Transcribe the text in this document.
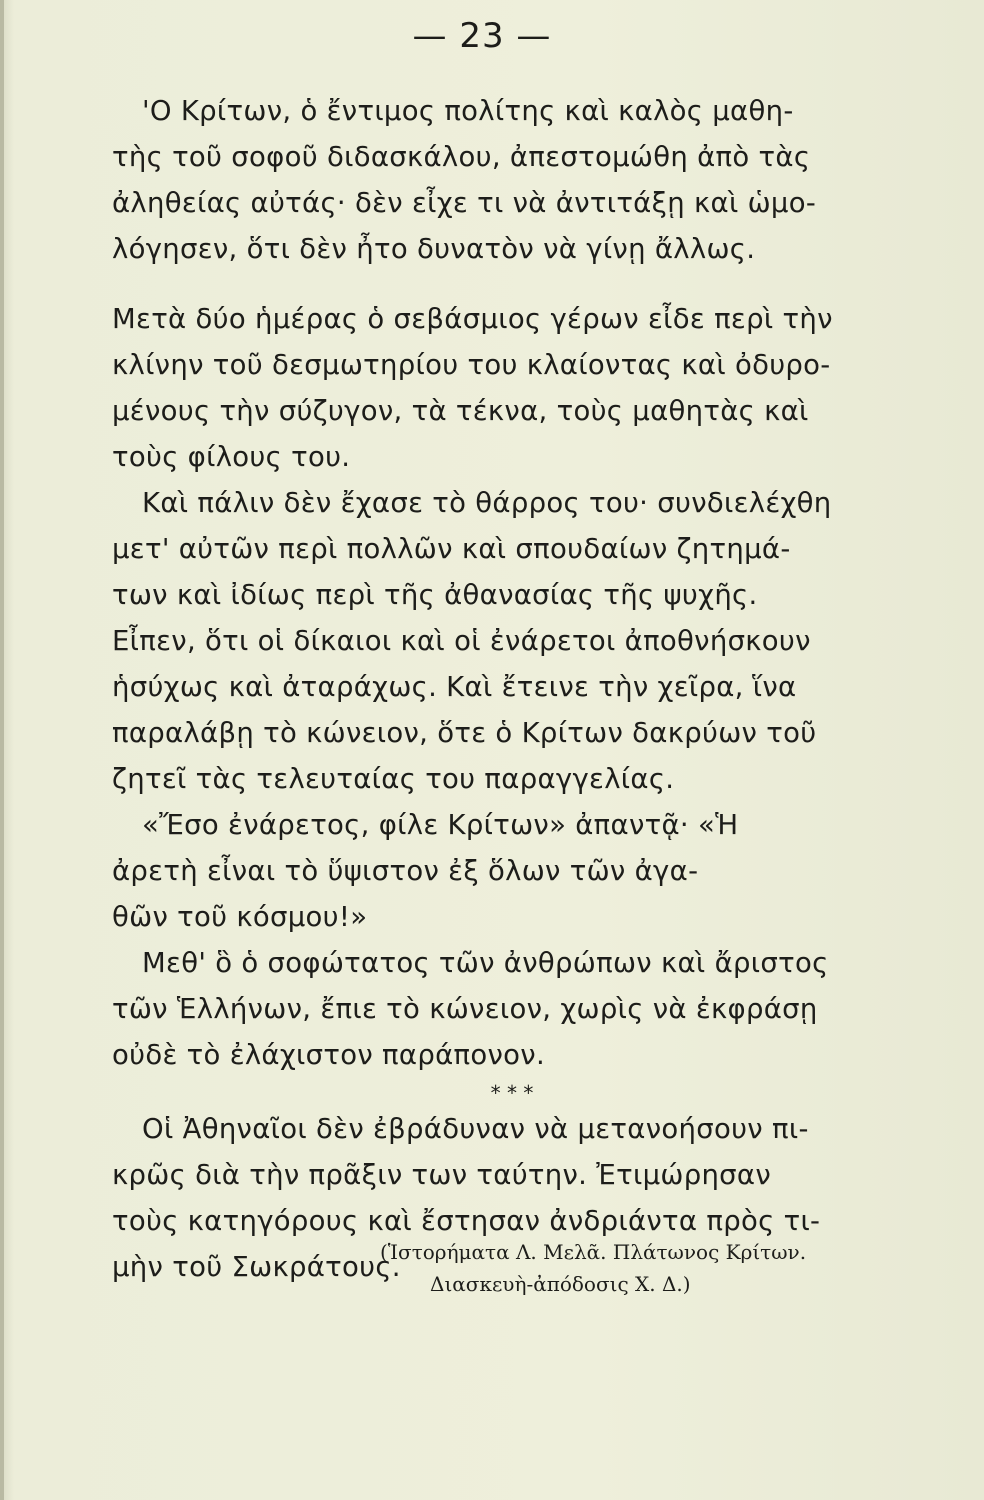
— 23 —

'Ο Κρίτων, ὁ ἔντιμος πολίτης καὶ καλὸς μαθη-

τὴς τοῦ σοφοῦ διδασκάλου, ἀπεστομώθη ἀπὸ τὰς

ἀληθείας αὐτάς· δὲν εἶχε τι νὰ ἀντιτάξῃ καὶ ὡμο-

λόγησεν, ὅτι δὲν ἦτο δυνατὸν νὰ γίνῃ ἄλλως.

Μετὰ δύο ἡμέρας ὁ σεβάσμιος γέρων εἶδε περὶ τὴν

κλίνην τοῦ δεσμωτηρίου του κλαίοντας καὶ ὀδυρο-

μένους τὴν σύζυγον, τὰ τέκνα, τοὺς μαθητὰς καὶ

τοὺς φίλους του.

Καὶ πάλιν δὲν ἔχασε τὸ θάρρος του· συνδιελέχθη

μετ' αὐτῶν περὶ πολλῶν καὶ σπουδαίων ζητημά-

των καὶ ἰδίως περὶ τῆς ἀθανασίας τῆς ψυχῆς.

Εἶπεν, ὅτι οἱ δίκαιοι καὶ οἱ ἐνάρετοι ἀποθνήσκουν

ἡσύχως καὶ ἀταράχως. Καὶ ἔτεινε τὴν χεῖρα, ἵνα

παραλάβῃ τὸ κώνειον, ὅτε ὁ Κρίτων δακρύων τοῦ

ζητεῖ τὰς τελευταίας του παραγγελίας.

«Ἔσο ἐνάρετος, φίλε Κρίτων» ἀπαντᾷ· «Ἡ

ἀρετὴ εἶναι τὸ ὕψιστον ἐξ ὅλων τῶν ἀγα-

θῶν τοῦ κόσμου!»

Μεθ' ὃ ὁ σοφώτατος τῶν ἀνθρώπων καὶ ἄριστος

τῶν Ἑλλήνων, ἔπιε τὸ κώνειον, χωρὶς νὰ ἐκφράσῃ

οὐδὲ τὸ ἐλάχιστον παράπονον.

* * *

Οἱ Ἀθηναῖοι δὲν ἐβράδυναν νὰ μετανοήσουν πι-

κρῶς διὰ τὴν πρᾶξιν των ταύτην. Ἐτιμώρησαν

τοὺς κατηγόρους καὶ ἔστησαν ἀνδριάντα πρὸς τι-

μὴν τοῦ Σωκράτους.

(Ἱστορήματα Λ. Μελᾶ. Πλάτωνος Κρίτων.
Διασκευὴ-ἀπόδοσις Χ. Δ.)
